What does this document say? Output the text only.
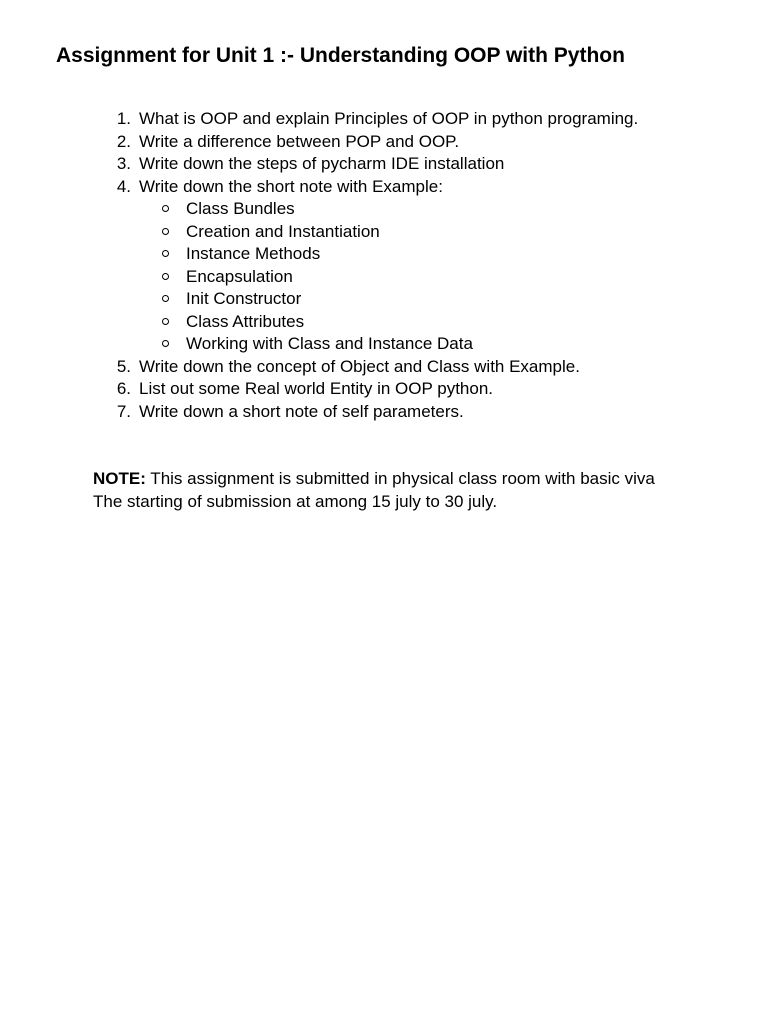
Assignment for Unit 1 :- Understanding OOP with Python
1. What is OOP and explain Principles of OOP in python programing.
2. Write a difference between POP and OOP.
3. Write down the steps of pycharm IDE installation
4. Write down the short note with Example:
Class Bundles
Creation and Instantiation
Instance Methods
Encapsulation
Init Constructor
Class Attributes
Working with Class and Instance Data
5. Write down the concept of Object and Class with Example.
6. List out some Real world Entity in OOP python.
7. Write down a short note of self parameters.

NOTE: This assignment is submitted in physical class room with basic viva The starting of submission at among 15 july to 30 july.
